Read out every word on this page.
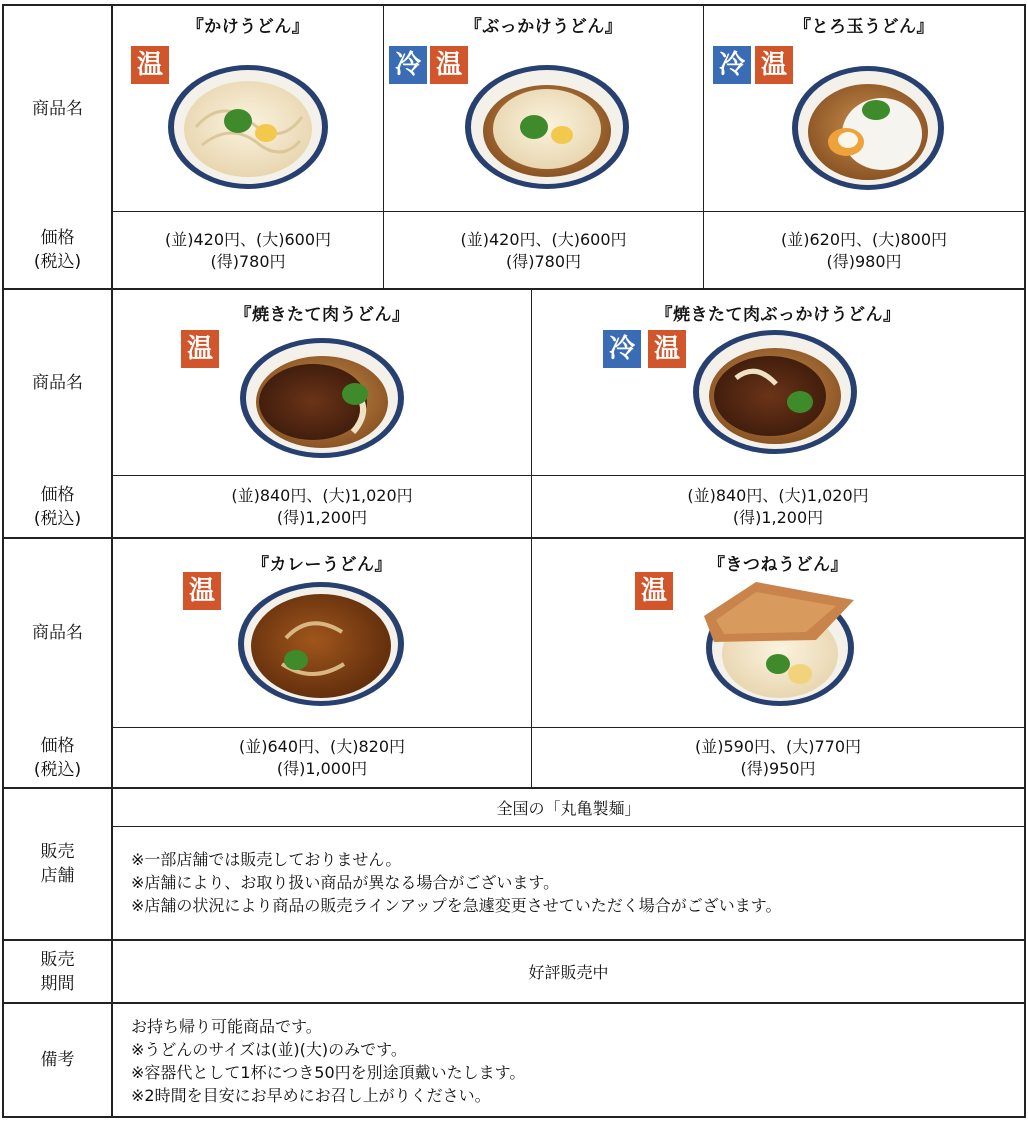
商品名
価格
(税込)
商品名
価格
(税込)
商品名
価格
(税込)
販売
店舗
販売
期間
備考
『かけうどん』
温
(並)420円、(大)600円
(得)780円
『ぶっかけうどん』
冷 温
(並)420円、(大)600円
(得)780円
『とろ玉うどん』
冷 温
(並)620円、(大)800円
(得)980円
『焼きたて肉うどん』
温
(並)840円、(大)1,020円
(得)1,200円
『焼きたて肉ぶっかけうどん』
冷 温
(並)840円、(大)1,020円
(得)1,200円
『カレーうどん』
温
(並)640円、(大)820円
(得)1,000円
『きつねうどん』
温
(並)590円、(大)770円
(得)950円
全国の「丸亀製麺」
※一部店舗では販売しておりません。
※店舗により、お取り扱い商品が異なる場合がございます。
※店舗の状況により商品の販売ラインアップを急遽変更させていただく場合がございます。
好評販売中
お持ち帰り可能商品です。
※うどんのサイズは(並)(大)のみです。
※容器代として1杯につき50円を別途頂戴いたします。
※2時間を目安にお早めにお召し上がりください。
